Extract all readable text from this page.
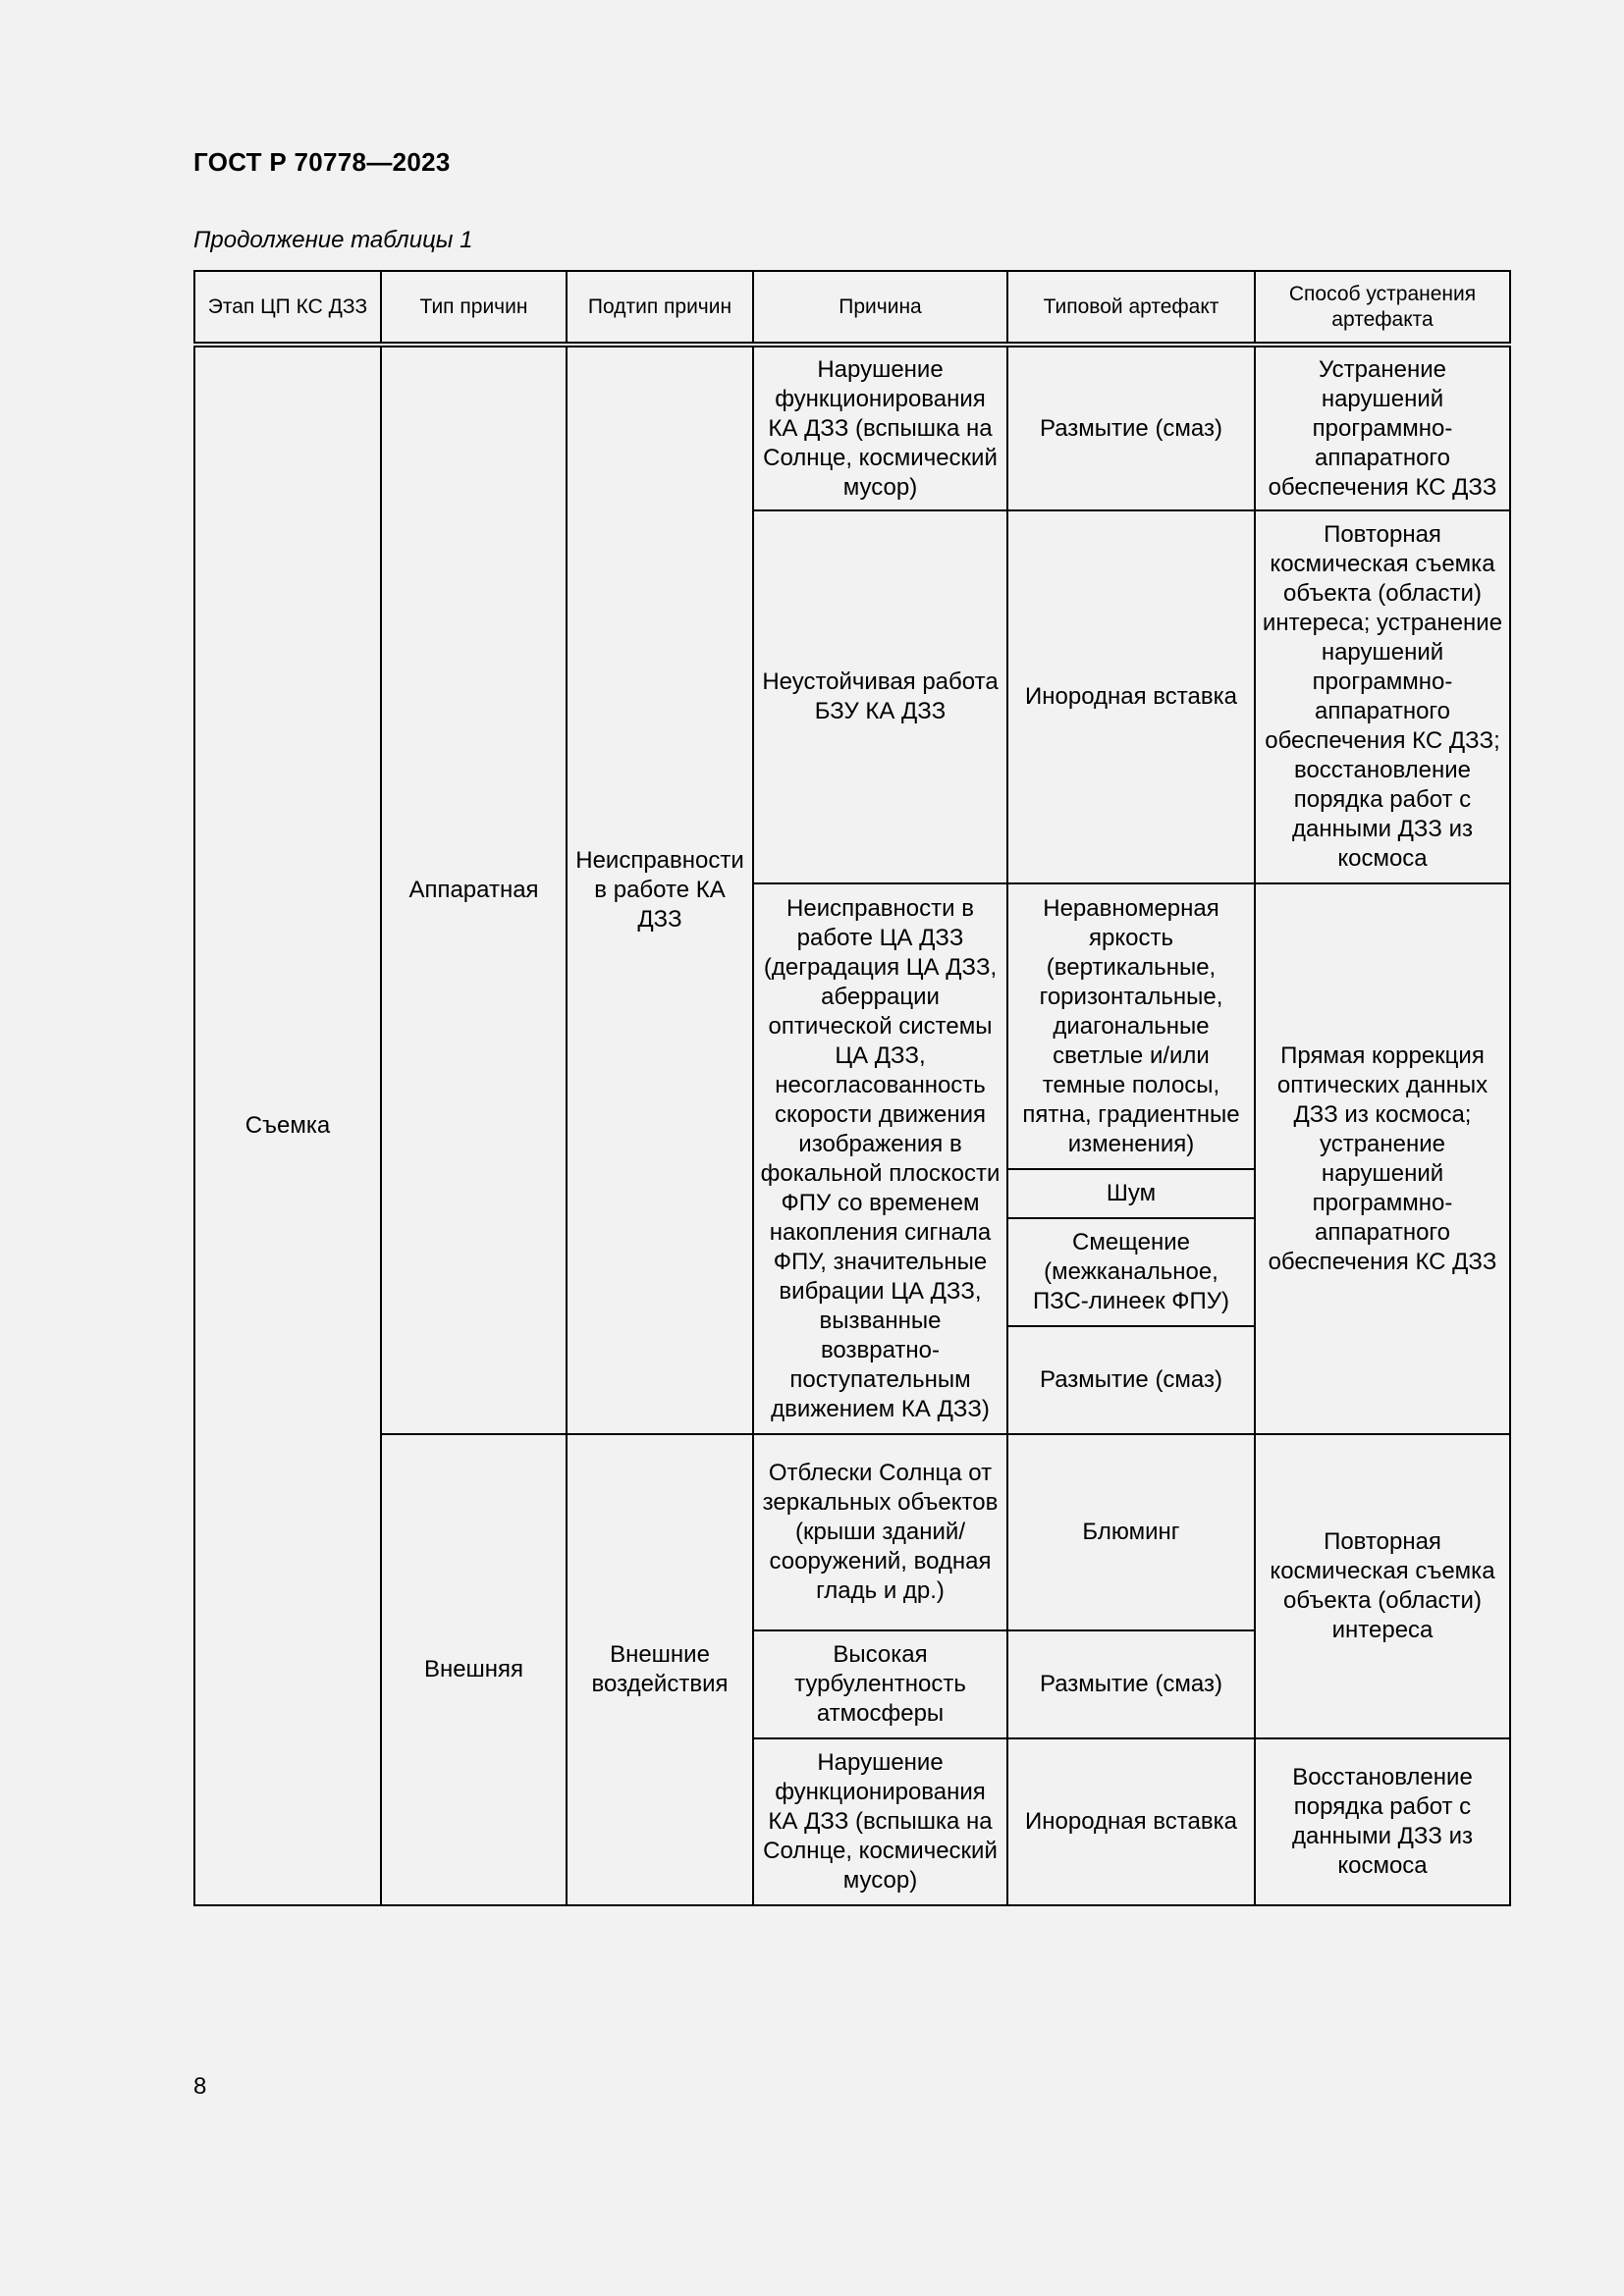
ГОСТ Р 70778—2023
Продолжение таблицы 1
Этап ЦП КС ДЗЗ	Тип причин	Подтип причин	Причина	Типовой артефакт	Способ устранения артефакта
Съемка	Аппаратная	Неисправности в работе КА ДЗЗ	Нарушение функционирования КА ДЗЗ (вспышка на Солнце, космический мусор)	Размытие (смаз)	Устранение нарушений программно-аппаратного обеспечения КС ДЗЗ
			Неустойчивая работа БЗУ КА ДЗЗ	Инородная вставка	Повторная космическая съемка объекта (области) интереса; устранение нарушений программно-аппаратного обеспечения КС ДЗЗ; восстановление порядка работ с данными ДЗЗ из космоса
			Неисправности в работе ЦА ДЗЗ (деградация ЦА ДЗЗ, аберрации оптической системы ЦА ДЗЗ, несогласованность скорости движения изображения в фокальной плоскости ФПУ со временем накопления сигнала ФПУ, значительные вибрации ЦА ДЗЗ, вызванные возвратно-поступательным движением КА ДЗЗ)	Неравномерная яркость (вертикальные, горизонтальные, диагональные светлые и/или темные полосы, пятна, градиентные изменения)	Прямая коррекция оптических данных ДЗЗ из космоса; устранение нарушений программно-аппаратного обеспечения КС ДЗЗ
				Шум	
				Смещение (межканальное, ПЗС-линеек ФПУ)	
				Размытие (смаз)	
	Внешняя	Внешние воздействия	Отблески Солнца от зеркальных объектов (крыши зданий/сооружений, водная гладь и др.)	Блюминг	Повторная космическая съемка объекта (области) интереса
			Высокая турбулентность атмосферы	Размытие (смаз)	
			Нарушение функционирования КА ДЗЗ (вспышка на Солнце, космический мусор)	Инородная вставка	Восстановление порядка работ с данными ДЗЗ из космоса
8
